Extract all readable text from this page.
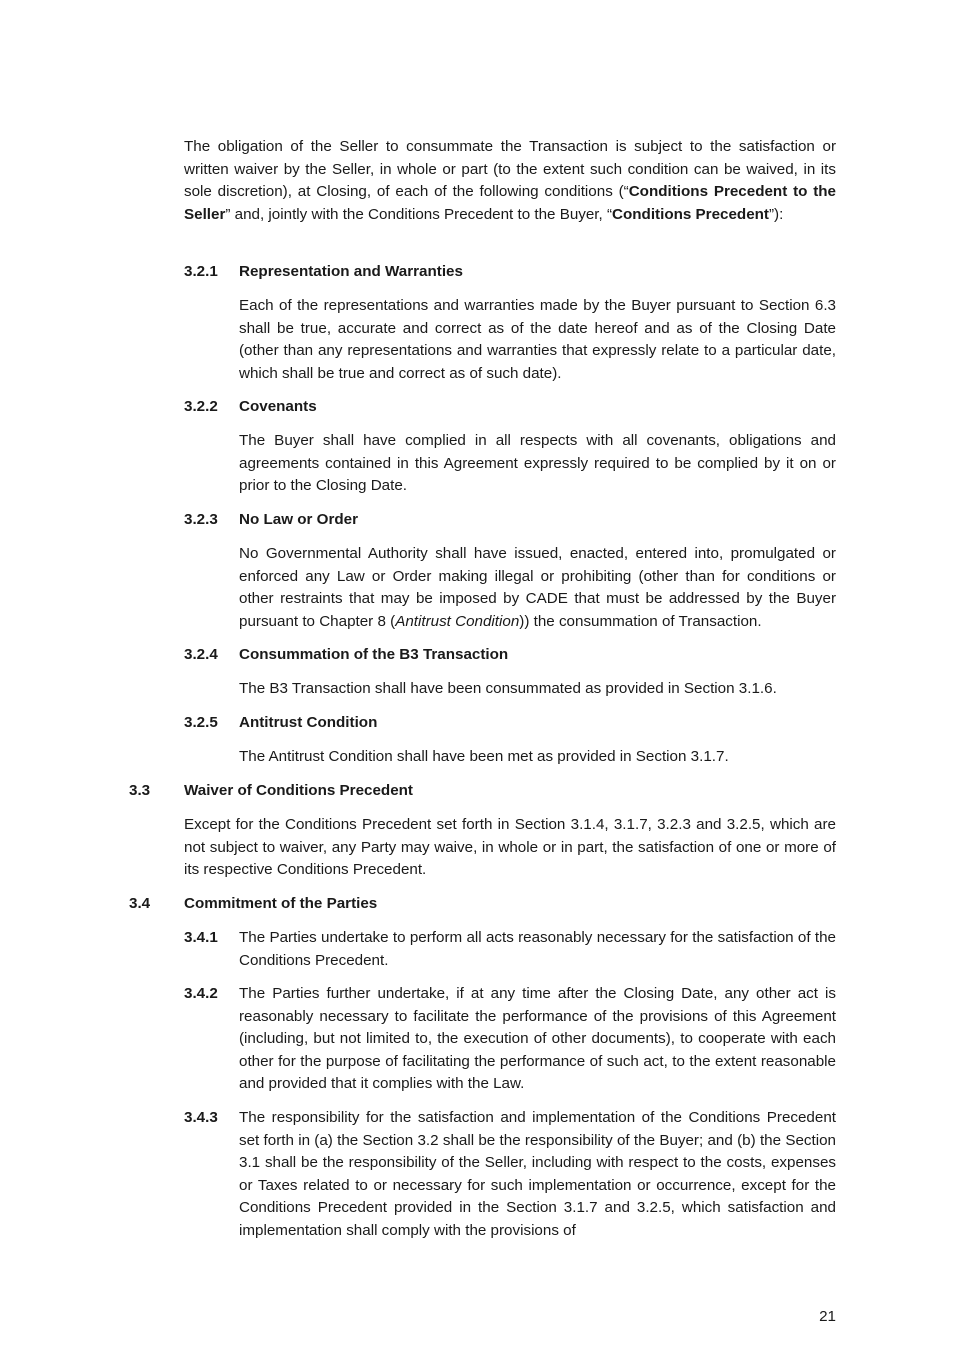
The obligation of the Seller to consummate the Transaction is subject to the satisfaction or written waiver by the Seller, in whole or part (to the extent such condition can be waived, in its sole discretion), at Closing, of each of the following conditions (“Conditions Precedent to the Seller” and, jointly with the Conditions Precedent to the Buyer, “Conditions Precedent”):

3.2.1 Representation and Warranties

Each of the representations and warranties made by the Buyer pursuant to Section 6.3 shall be true, accurate and correct as of the date hereof and as of the Closing Date (other than any representations and warranties that expressly relate to a particular date, which shall be true and correct as of such date).

3.2.2 Covenants

The Buyer shall have complied in all respects with all covenants, obligations and agreements contained in this Agreement expressly required to be complied by it on or prior to the Closing Date.

3.2.3 No Law or Order

No Governmental Authority shall have issued, enacted, entered into, promulgated or enforced any Law or Order making illegal or prohibiting (other than for conditions or other restraints that may be imposed by CADE that must be addressed by the Buyer pursuant to Chapter 8 (Antitrust Condition)) the consummation of Transaction.

3.2.4 Consummation of the B3 Transaction

The B3 Transaction shall have been consummated as provided in Section 3.1.6.

3.2.5 Antitrust Condition

The Antitrust Condition shall have been met as provided in Section 3.1.7.

3.3 Waiver of Conditions Precedent

Except for the Conditions Precedent set forth in Section 3.1.4, 3.1.7, 3.2.3 and 3.2.5, which are not subject to waiver, any Party may waive, in whole or in part, the satisfaction of one or more of its respective Conditions Precedent.

3.4 Commitment of the Parties
3.4.1 The Parties undertake to perform all acts reasonably necessary for the satisfaction of the Conditions Precedent.
3.4.2 The Parties further undertake, if at any time after the Closing Date, any other act is reasonably necessary to facilitate the performance of the provisions of this Agreement (including, but not limited to, the execution of other documents), to cooperate with each other for the purpose of facilitating the performance of such act, to the extent reasonable and provided that it complies with the Law.
3.4.3 The responsibility for the satisfaction and implementation of the Conditions Precedent set forth in (a) the Section 3.2 shall be the responsibility of the Buyer; and (b) the Section 3.1 shall be the responsibility of the Seller, including with respect to the costs, expenses or Taxes related to or necessary for such implementation or occurrence, except for the Conditions Precedent provided in the Section 3.1.7 and 3.2.5, which satisfaction and implementation shall comply with the provisions of
21
